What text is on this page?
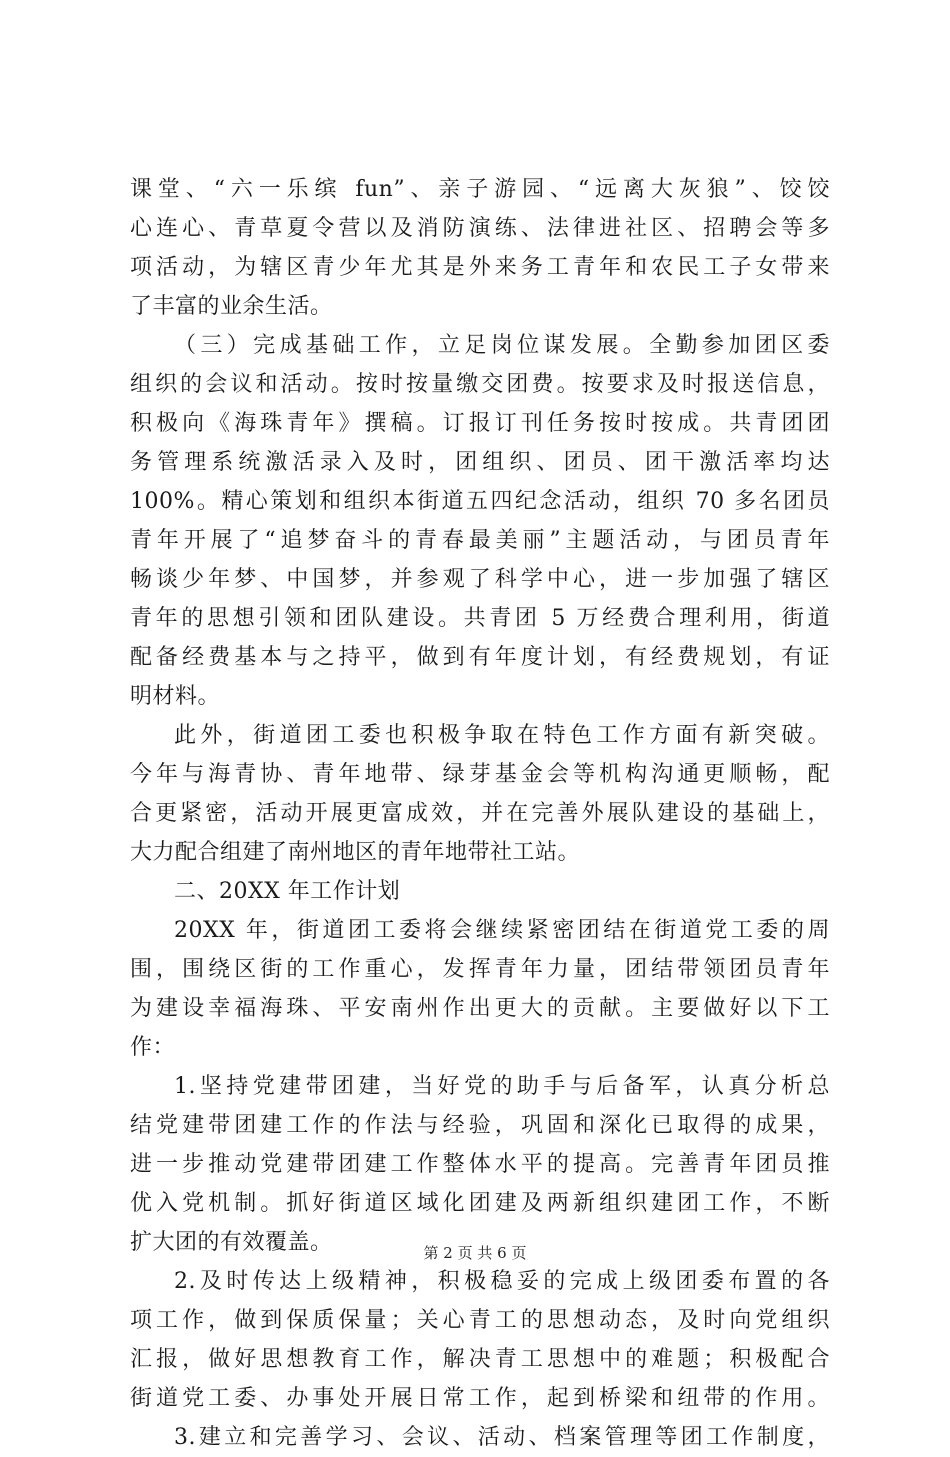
课堂、“六一乐缤 fun”、亲子游园、“远离大灰狼”、饺饺
心连心、青草夏令营以及消防演练、法律进社区、招聘会等多
项活动，为辖区青少年尤其是外来务工青年和农民工子女带来
了丰富的业余生活。
（三）完成基础工作，立足岗位谋发展。全勤参加团区委
组织的会议和活动。按时按量缴交团费。按要求及时报送信息，
积极向《海珠青年》撰稿。订报订刊任务按时按成。共青团团
务管理系统激活录入及时，团组织、团员、团干激活率均达
100%。精心策划和组织本街道五四纪念活动，组织 70 多名团员
青年开展了“追梦奋斗的青春最美丽”主题活动，与团员青年
畅谈少年梦、中国梦，并参观了科学中心，进一步加强了辖区
青年的思想引领和团队建设。共青团 5 万经费合理利用，街道
配备经费基本与之持平，做到有年度计划，有经费规划，有证
明材料。
此外，街道团工委也积极争取在特色工作方面有新突破。
今年与海青协、青年地带、绿芽基金会等机构沟通更顺畅，配
合更紧密，活动开展更富成效，并在完善外展队建设的基础上，
大力配合组建了南州地区的青年地带社工站。
二、20XX 年工作计划
20XX 年，街道团工委将会继续紧密团结在街道党工委的周
围，围绕区街的工作重心，发挥青年力量，团结带领团员青年
为建设幸福海珠、平安南州作出更大的贡献。主要做好以下工
作：
1.坚持党建带团建，当好党的助手与后备军，认真分析总
结党建带团建工作的作法与经验，巩固和深化已取得的成果，
进一步推动党建带团建工作整体水平的提高。完善青年团员推
优入党机制。抓好街道区域化团建及两新组织建团工作，不断
扩大团的有效覆盖。
2.及时传达上级精神，积极稳妥的完成上级团委布置的各
项工作，做到保质保量；关心青工的思想动态，及时向党组织
汇报，做好思想教育工作，解决青工思想中的难题；积极配合
街道党工委、办事处开展日常工作，起到桥梁和纽带的作用。
3.建立和完善学习、会议、活动、档案管理等团工作制度，
第 2 页 共 6 页
